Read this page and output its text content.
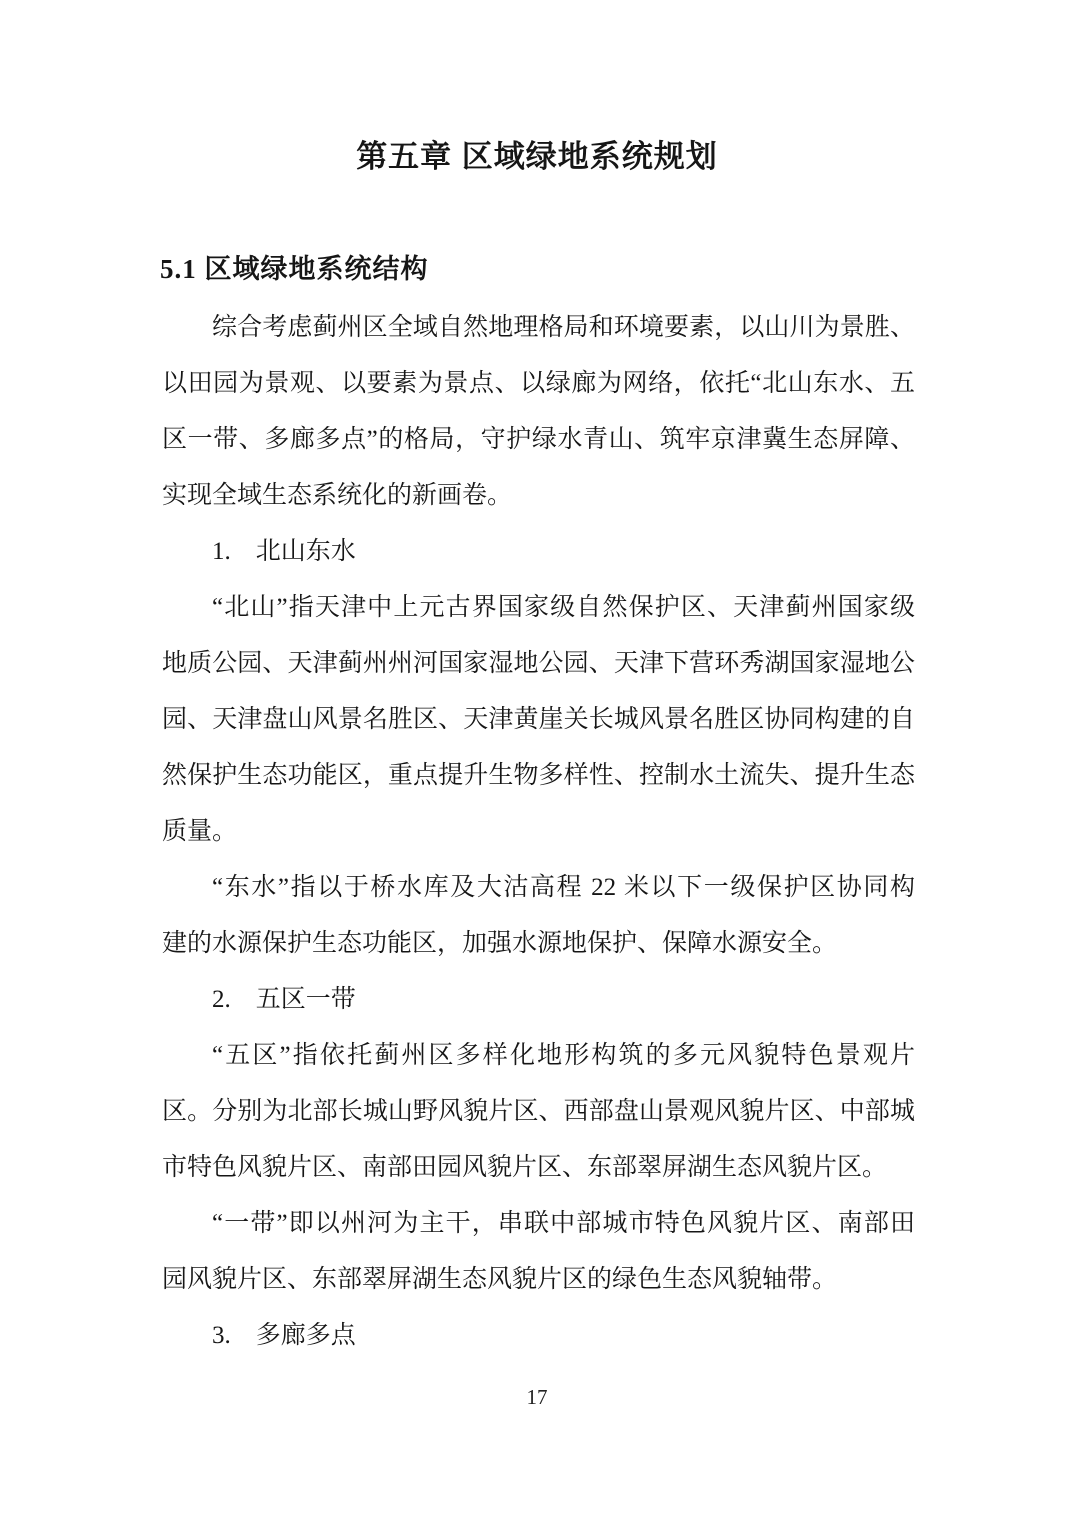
第五章 区域绿地系统规划
5.1 区域绿地系统结构
综合考虑蓟州区全域自然地理格局和环境要素，以山川为景胜、
以田园为景观、以要素为景点、以绿廊为网络，依托“北山东水、五
区一带、多廊多点”的格局，守护绿水青山、筑牢京津冀生态屏障、
实现全域生态系统化的新画卷。
1.　北山东水
“北山”指天津中上元古界国家级自然保护区、天津蓟州国家级
地质公园、天津蓟州州河国家湿地公园、天津下营环秀湖国家湿地公
园、天津盘山风景名胜区、天津黄崖关长城风景名胜区协同构建的自
然保护生态功能区，重点提升生物多样性、控制水土流失、提升生态
质量。
“东水”指以于桥水库及大沽高程 22 米以下一级保护区协同构
建的水源保护生态功能区，加强水源地保护、保障水源安全。
2.　五区一带
“五区”指依托蓟州区多样化地形构筑的多元风貌特色景观片
区。分别为北部长城山野风貌片区、西部盘山景观风貌片区、中部城
市特色风貌片区、南部田园风貌片区、东部翠屏湖生态风貌片区。
“一带”即以州河为主干，串联中部城市特色风貌片区、南部田
园风貌片区、东部翠屏湖生态风貌片区的绿色生态风貌轴带。
3.　多廊多点
17
